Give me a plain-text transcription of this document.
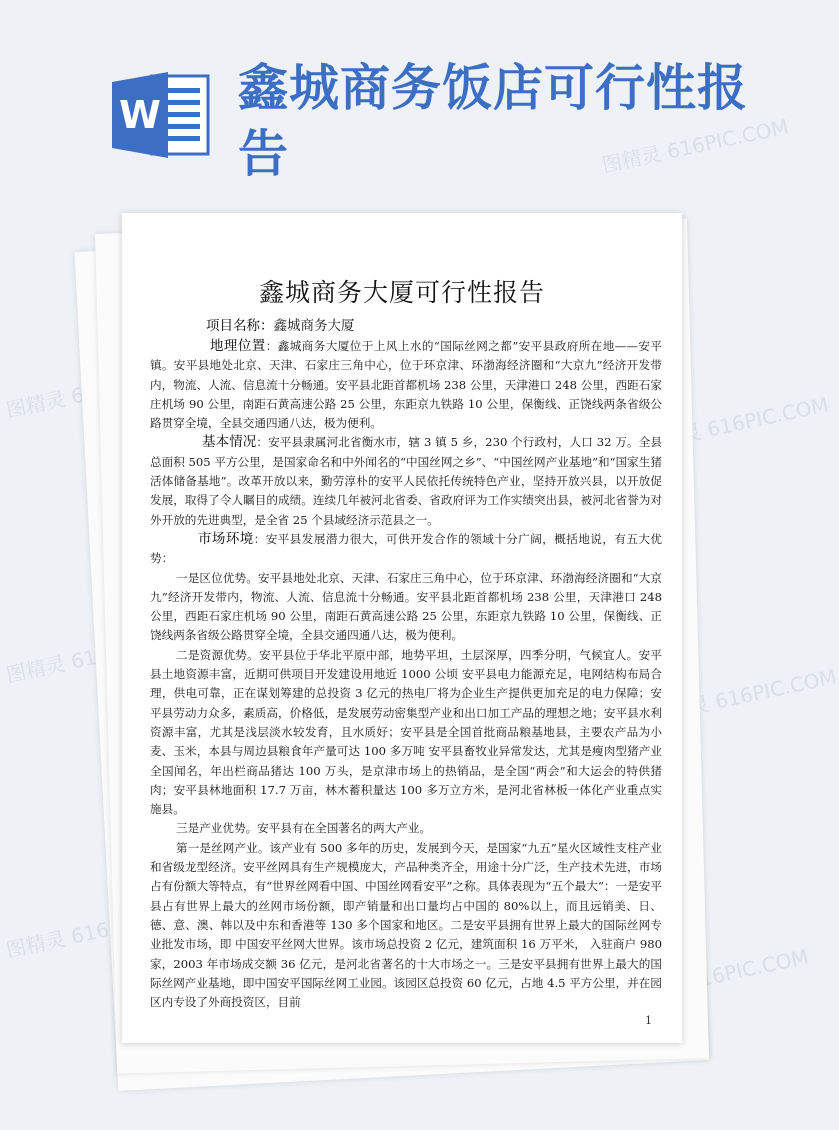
W 鑫城商务饭店可行性报告
图精灵 616PIC.COM
图精灵 616PIC.COM
图精灵
图精灵
图精灵 616PIC.COM
图精灵 616PIC.COM
鑫城商务大厦可行性报告

项目名称：鑫城商务大厦

地理位置：鑫城商务大厦位于上风上水的“国际丝网之都”安平县政府所在地——安平镇。安平县地处北京、天津、石家庄三角中心，位于环京津、环渤海经济圈和“大京九”经济开发带内，物流、人流、信息流十分畅通。安平县北距首都机场 238 公里，天津港口 248 公里，西距石家庄机场 90 公里，南距石黄高速公路 25 公里，东距京九铁路 10 公里，保衡线、正饶线两条省级公路贯穿全境，全县交通四通八达，极为便利。

基本情况：安平县隶属河北省衡水市，辖 3 镇 5 乡，230 个行政村，人口 32 万。全县总面积 505 平方公里，是国家命名和中外闻名的“中国丝网之乡”、“中国丝网产业基地”和“国家生猪活体储备基地”。改革开放以来，勤劳淳朴的安平人民依托传统特色产业，坚持开放兴县，以开放促发展，取得了令人瞩目的成绩。连续几年被河北省委、省政府评为工作实绩突出县，被河北省誉为对外开放的先进典型，是全省 25 个县域经济示范县之一。

市场环境：安平县发展潜力很大，可供开发合作的领域十分广阔，概括地说，有五大优势：

一是区位优势。安平县地处北京、天津、石家庄三角中心，位于环京津、环渤海经济圈和“大京九”经济开发带内，物流、人流、信息流十分畅通。安平县北距首都机场 238 公里，天津港口 248 公里，西距石家庄机场 90 公里，南距石黄高速公路 25 公里，东距京九铁路 10 公里，保衡线、正饶线两条省级公路贯穿全境，全县交通四通八达，极为便利。

二是资源优势。安平县位于华北平原中部，地势平坦，土层深厚，四季分明，气候宜人。安平县土地资源丰富，近期可供项目开发建设用地近 1000 公顷 安平县电力能源充足，电网结构布局合理，供电可靠，正在谋划筹建的总投资 3 亿元的热电厂将为企业生产提供更加充足的电力保障；安平县劳动力众多，素质高，价格低，是发展劳动密集型产业和出口加工产品的理想之地；安平县水利资源丰富，尤其是浅层淡水较发育，且水质好；安平县是全国首批商品粮基地县，主要农产品为小麦、玉米，本县与周边县粮食年产量可达 100 多万吨 安平县畜牧业异常发达，尤其是瘦肉型猪产业全国闻名，年出栏商品猪达 100 万头，是京津市场上的热销品，是全国“两会”和大运会的特供猪肉；安平县林地面积 17.7 万亩，林木蓄积量达 100 多万立方米，是河北省林板一体化产业重点实施县。

三是产业优势。安平县有在全国著名的两大产业。

第一是丝网产业。该产业有 500 多年的历史，发展到今天，是国家“九五”星火区域性支柱产业和省级龙型经济。安平丝网具有生产规模庞大，产品种类齐全，用途十分广泛，生产技术先进，市场占有份额大等特点，有“世界丝网看中国、中国丝网看安平”之称。具体表现为“五个最大”：一是安平县占有世界上最大的丝网市场份额，即产销量和出口量均占中国的 80%以上，而且远销美、日、德、意、澳、韩以及中东和香港等 130 多个国家和地区。二是安平县拥有世界上最大的国际丝网专业批发市场，即 中国安平丝网大世界。该市场总投资 2 亿元，建筑面积 16 万平米， 入驻商户 980 家，2003 年市场成交额 36 亿元，是河北省著名的十大市场之一。三是安平县拥有世界上最大的国际丝网产业基地，即中国安平国际丝网工业园。该园区总投资 60 亿元，占地 4.5 平方公里，并在园区内专设了外商投资区，目前

1
